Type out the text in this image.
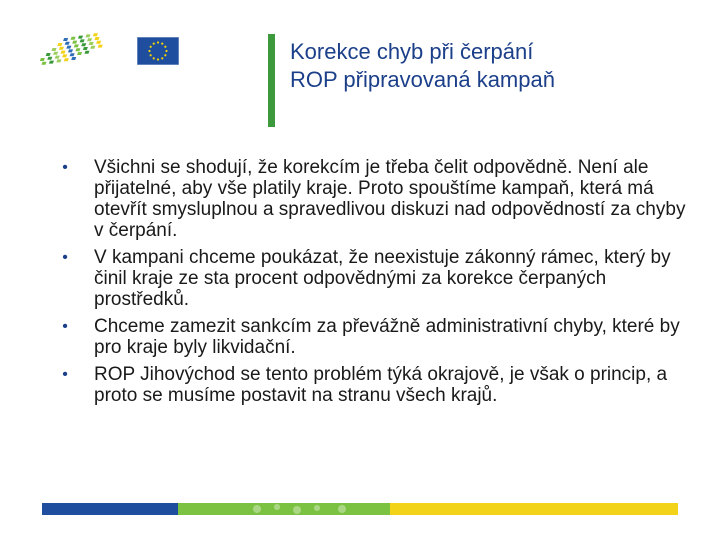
Korekce chyb při čerpání
ROP připravovaná kampaň
• Všichni se shodují, že korekcím je třeba čelit odpovědně. Není ale přijatelné, aby vše platily kraje. Proto spouštíme kampaň, která má otevřít smysluplnou a spravedlivou diskuzi nad odpovědností za chyby v čerpání.
• V kampani chceme poukázat, že neexistuje zákonný rámec, který by činil kraje ze sta procent odpovědnými za korekce čerpaných prostředků.
• Chceme zamezit sankcím za převážně administrativní chyby, které by pro kraje byly likvidační.
• ROP Jihovýchod se tento problém týká okrajově, je však o princip, a proto se musíme postavit na stranu všech krajů.
